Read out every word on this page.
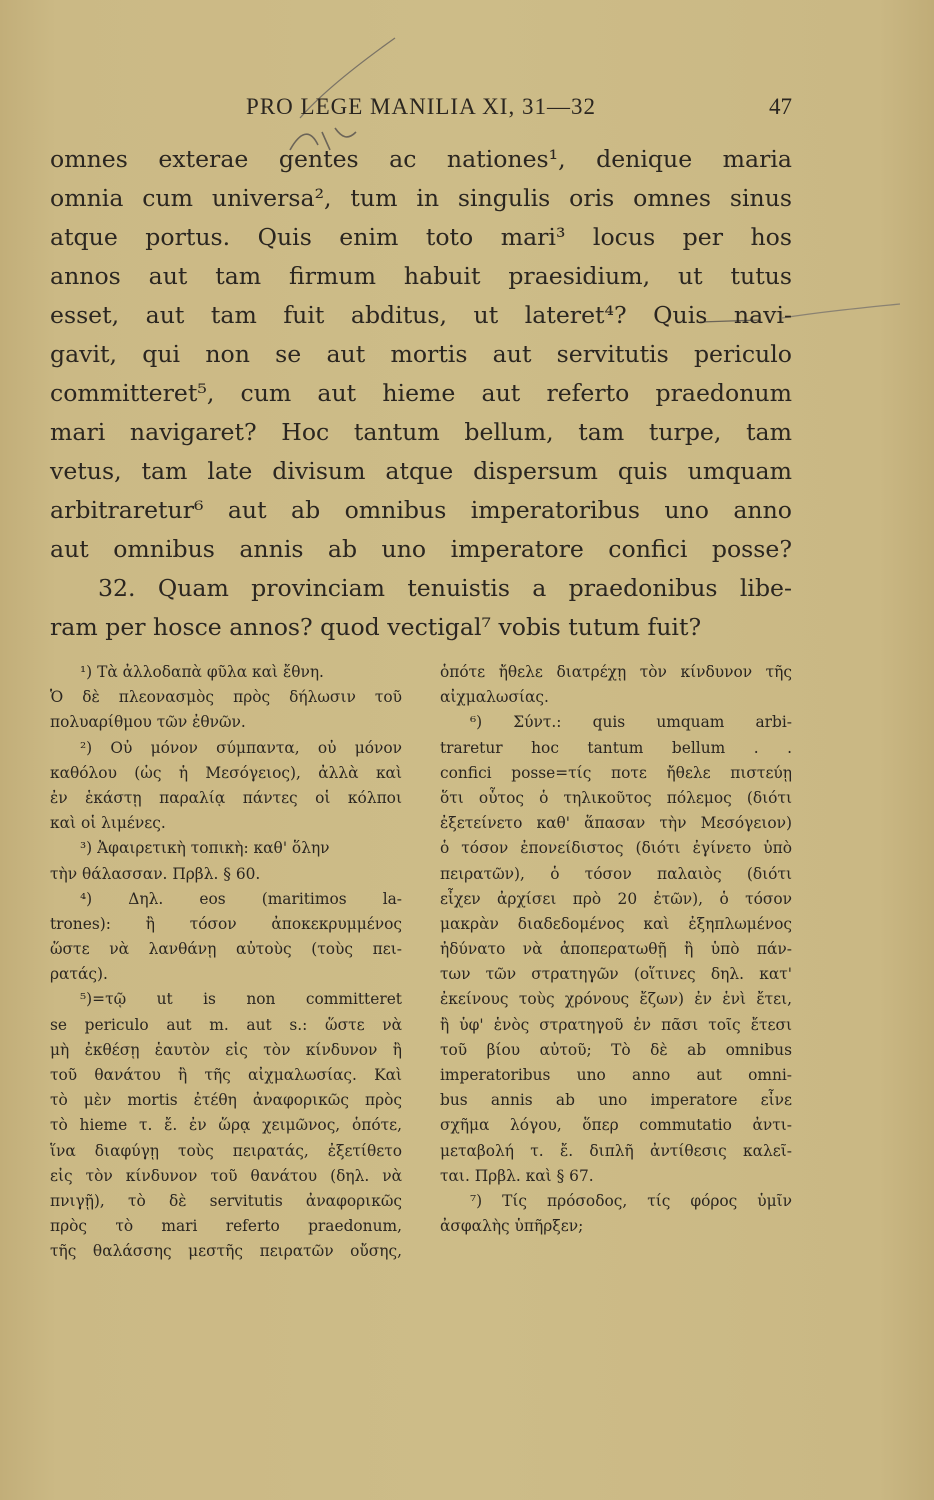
PRO LEGE MANILIA XI, 31—32	47
omnes exterae gentes ac nationes¹, denique maria
omnia cum universa², tum in singulis oris omnes sinus
atque portus. Quis enim toto mari³ locus per hos
annos aut tam firmum habuit praesidium, ut tutus
esset, aut tam fuit abditus, ut lateret⁴? Quis navi-
gavit, qui non se aut mortis aut servitutis periculo
committeret⁵, cum aut hieme aut referto praedonum
mari navigaret? Hoc tantum bellum, tam turpe, tam
vetus, tam late divisum atque dispersum quis umquam
arbitraretur⁶ aut ab omnibus imperatoribus uno anno
aut omnibus annis ab uno imperatore confici posse?
32. Quam provinciam tenuistis a praedonibus libe-
ram per hosce annos? quod vectigal⁷ vobis tutum fuit?
¹) Τὰ ἀλλοδαπὰ φῦλα καὶ ἔθνη.
Ὁ δὲ πλεονασμὸς πρὸς δήλωσιν τοῦ
πολυαρίθμου τῶν ἐθνῶν.
²) Οὐ μόνον σύμπαντα, οὐ μόνον
καθόλου (ὡς ἡ Μεσόγειος), ἀλλὰ καὶ
ἐν ἑκάστῃ παραλίᾳ πάντες οἱ κόλποι
καὶ οἱ λιμένες.
³) Ἀφαιρετικὴ τοπικὴ: καθ' ὅλην
τὴν θάλασσαν. Πρβλ. § 60.
⁴) Δηλ. eos (maritimos la-
trones): ἢ τόσον ἀποκεκρυμμένος
ὥστε νὰ λανθάνῃ αὐτοὺς (τοὺς πει-
ρατάς).
⁵)=τῷ ut is non committeret
se periculo aut m. aut s.: ὥστε νὰ
μὴ ἐκθέσῃ ἑαυτὸν εἰς τὸν κίνδυνον ἢ
τοῦ θανάτου ἢ τῆς αἰχμαλωσίας. Καὶ
τὸ μὲν mortis ἐτέθη ἀναφορικῶς πρὸς
τὸ hieme τ. ἔ. ἐν ὥρᾳ χειμῶνος, ὁπότε,
ἵνα διαφύγῃ τοὺς πειρατάς, ἐξετίθετο
εἰς τὸν κίνδυνον τοῦ θανάτου (δηλ. νὰ
πνιγῇ), τὸ δὲ servitutis ἀναφορικῶς
πρὸς τὸ mari referto praedonum,
τῆς θαλάσσης μεστῆς πειρατῶν οὔσης,
ὁπότε ἤθελε διατρέχῃ τὸν κίνδυνον τῆς
αἰχμαλωσίας.
⁶) Σύντ.: quis umquam arbi-
traretur hoc tantum bellum . .
confici posse=τίς ποτε ἤθελε πιστεύῃ
ὅτι οὗτος ὁ τηλικοῦτος πόλεμος (διότι
ἐξετείνετο καθ' ἅπασαν τὴν Μεσόγειον)
ὁ τόσον ἐπονείδιστος (διότι ἐγίνετο ὑπὸ
πειρατῶν), ὁ τόσον παλαιὸς (διότι
εἶχεν ἀρχίσει πρὸ 20 ἐτῶν), ὁ τόσον
μακρὰν διαδεδομένος καὶ ἐξηπλωμένος
ἠδύνατο νὰ ἀποπερατωθῇ ἢ ὑπὸ πάν-
των τῶν στρατηγῶν (οἵτινες δηλ. κατ'
ἐκείνους τοὺς χρόνους ἔζων) ἐν ἑνὶ ἔτει,
ἢ ὑφ' ἑνὸς στρατηγοῦ ἐν πᾶσι τοῖς ἔτεσι
τοῦ βίου αὐτοῦ; Τὸ δὲ ab omnibus
imperatoribus uno anno aut omni-
bus annis ab uno imperatore εἶνε
σχῆμα λόγου, ὅπερ commutatio ἀντι-
μεταβολή τ. ἔ. διπλῆ ἀντίθεσις καλεῖ-
ται. Πρβλ. καὶ § 67.
⁷) Τίς πρόσοδος, τίς φόρος ὑμῖν
ἀσφαλὴς ὑπῆρξεν;
